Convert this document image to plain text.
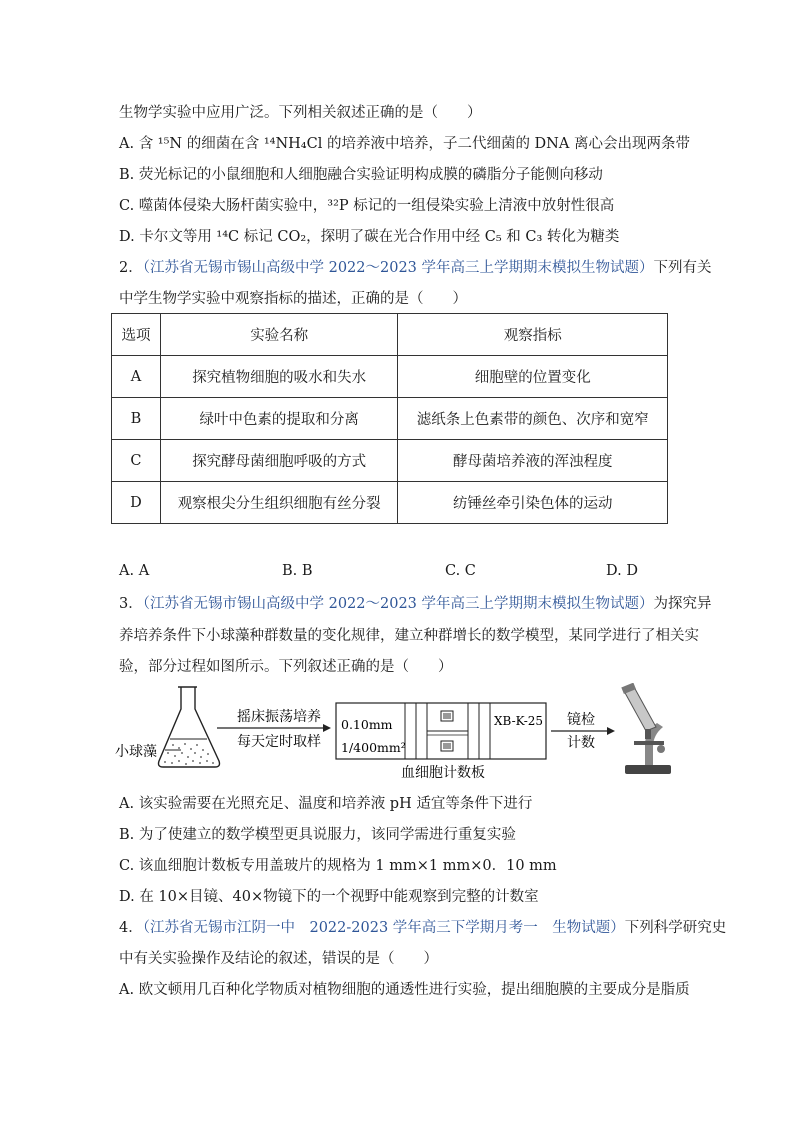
生物学实验中应用广泛。下列相关叙述正确的是（　　）
A. 含 ¹⁵N 的细菌在含 ¹⁴NH₄Cl 的培养液中培养，子二代细菌的 DNA 离心会出现两条带
B. 荧光标记的小鼠细胞和人细胞融合实验证明构成膜的磷脂分子能侧向移动
C. 噬菌体侵染大肠杆菌实验中，³²P 标记的一组侵染实验上清液中放射性很高
D. 卡尔文等用 ¹⁴C 标记 CO₂，探明了碳在光合作用中经 C₅ 和 C₃ 转化为糖类
2．（江苏省无锡市锡山高级中学 2022～2023 学年高三上学期期末模拟生物试题）下列有关
中学生物学实验中观察指标的描述，正确的是（　　）
选项	实验名称	观察指标
A	探究植物细胞的吸水和失水	细胞壁的位置变化
B	绿叶中色素的提取和分离	滤纸条上色素带的颜色、次序和宽窄
C	探究酵母菌细胞呼吸的方式	酵母菌培养液的浑浊程度
D	观察根尖分生组织细胞有丝分裂	纺锤丝牵引染色体的运动
A. A	B. B	C. C	D. D
3．（江苏省无锡市锡山高级中学 2022～2023 学年高三上学期期末模拟生物试题）为探究异
养培养条件下小球藻种群数量的变化规律，建立种群增长的数学模型，某同学进行了相关实
验，部分过程如图所示。下列叙述正确的是（　　）
小球藻
摇床振荡培养
每天定时取样
0.10mm
1/400mm²
XB-K-25
血细胞计数板
镜检
计数
A. 该实验需要在光照充足、温度和培养液 pH 适宜等条件下进行
B. 为了使建立的数学模型更具说服力，该同学需进行重复实验
C. 该血细胞计数板专用盖玻片的规格为 1 mm×1 mm×0．10 mm
D. 在 10×目镜、40×物镜下的一个视野中能观察到完整的计数室
4．（江苏省无锡市江阴一中　2022-2023 学年高三下学期月考一　生物试题）下列科学研究史
中有关实验操作及结论的叙述，错误的是（　　）
A. 欧文顿用几百种化学物质对植物细胞的通透性进行实验，提出细胞膜的主要成分是脂质
